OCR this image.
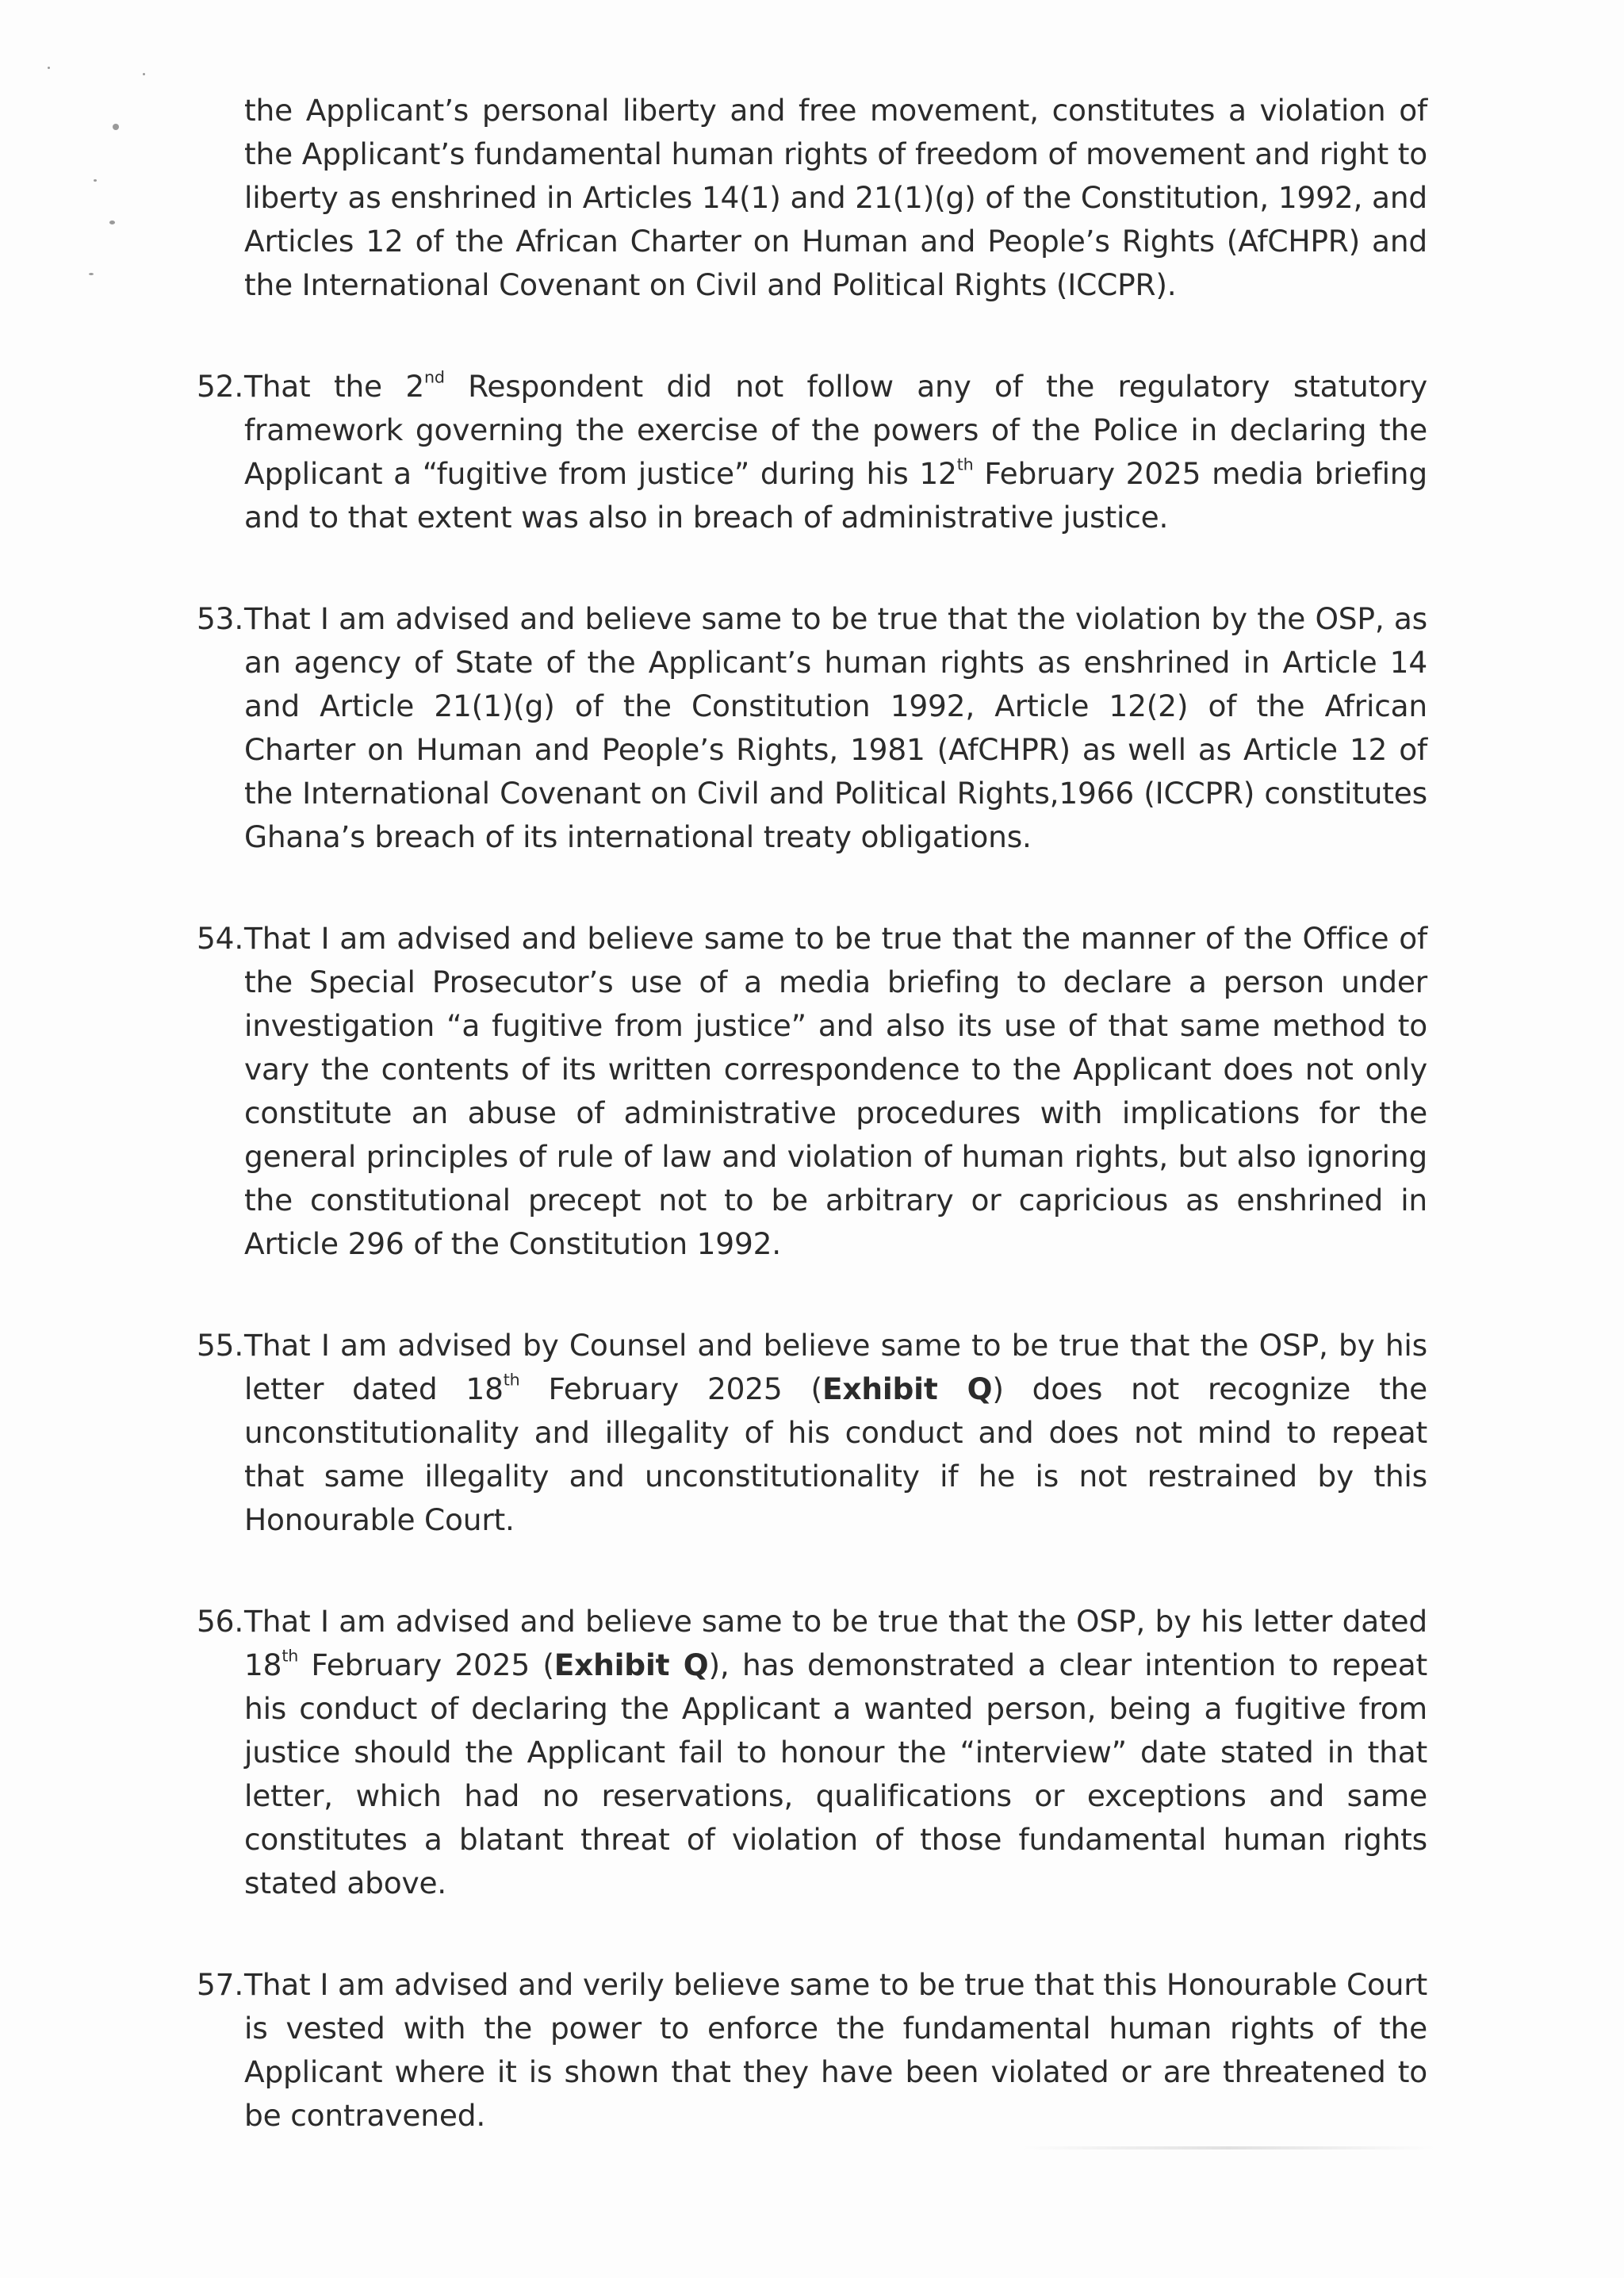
the Applicant’s personal liberty and free movement, constitutes a violation of the Applicant’s fundamental human rights of freedom of movement and right to liberty as enshrined in Articles 14(1) and 21(1)(g) of the Constitution, 1992, and Articles 12 of the African Charter on Human and People’s Rights (AfCHPR) and the International Covenant on Civil and Political Rights (ICCPR).
52. That the 2nd Respondent did not follow any of the regulatory statutory framework governing the exercise of the powers of the Police in declaring the Applicant a “fugitive from justice” during his 12th February 2025 media briefing and to that extent was also in breach of administrative justice.
53. That I am advised and believe same to be true that the violation by the OSP, as an agency of State of the Applicant’s human rights as enshrined in Article 14 and Article 21(1)(g) of the Constitution 1992, Article 12(2) of the African Charter on Human and People’s Rights, 1981 (AfCHPR) as well as Article 12 of the International Covenant on Civil and Political Rights,1966 (ICCPR) constitutes Ghana’s breach of its international treaty obligations.
54. That I am advised and believe same to be true that the manner of the Office of the Special Prosecutor’s use of a media briefing to declare a person under investigation “a fugitive from justice” and also its use of that same method to vary the contents of its written correspondence to the Applicant does not only constitute an abuse of administrative procedures with implications for the general principles of rule of law and violation of human rights, but also ignoring the constitutional precept not to be arbitrary or capricious as enshrined in Article 296 of the Constitution 1992.
55. That I am advised by Counsel and believe same to be true that the OSP, by his letter dated 18th February 2025 (Exhibit Q) does not recognize the unconstitutionality and illegality of his conduct and does not mind to repeat that same illegality and unconstitutionality if he is not restrained by this Honourable Court.
56. That I am advised and believe same to be true that the OSP, by his letter dated 18th February 2025 (Exhibit Q), has demonstrated a clear intention to repeat his conduct of declaring the Applicant a wanted person, being a fugitive from justice should the Applicant fail to honour the “interview” date stated in that letter, which had no reservations, qualifications or exceptions and same constitutes a blatant threat of violation of those fundamental human rights stated above.
57. That I am advised and verily believe same to be true that this Honourable Court is vested with the power to enforce the fundamental human rights of the Applicant where it is shown that they have been violated or are threatened to be contravened.
